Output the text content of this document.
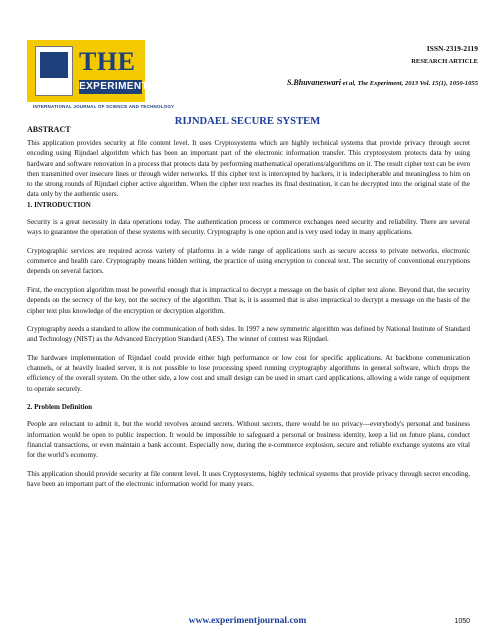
THE
EXPERIMENT
INTERNATIONAL JOURNAL OF SCIENCE AND TECHNOLOGY
ISSN-2319-2119
RESEARCH ARTICLE
S.Bhuvaneswari et al, The Experiment, 2013 Vol. 15(1), 1050-1055
RIJNDAEL SECURE SYSTEM
ABSTRACT

This application provides security at file content level. It uses Cryptosystems which are highly technical systems that provide privacy through secret encoding using Rijndael algorithm which has been an important part of the electronic information transfer. This cryptosystem protects data by using hardware and software renovation in a process that protects data by performing mathematical operations/algorithms on it. The result cipher text can be even then transmitted over insecure lines or through wider networks. If this cipher text is intercepted by hackers, it is indecipherable and meaningless to him on to the strong rounds of Rijndael cipher active algorithm. When the cipher text reaches its final destination, it can be decrypted into the original state of the data only by the authentic users.

1. INTRODUCTION

Security is a great necessity in data operations today. The authentication process or commerce exchanges need security and reliability. There are several ways to guarantee the operation of these systems with security. Cryptography is one option and is very used today in many applications.

Cryptographic services are required across variety of platforms in a wide range of applications such as secure access to private networks, electronic commerce and health care. Cryptography means hidden writing, the practice of using encryption to conceal text. The security of conventional encryptions depends on several factors.

First, the encryption algorithm must be powerful enough that is impractical to decrypt a message on the basis of cipher text alone. Beyond that, the security depends on the secrecy of the key, not the secrecy of the algorithm. That is, it is assumed that is also impractical to decrypt a message on the basis of the cipher text plus knowledge of the encryption or decryption algorithm.

Cryptography needs a standard to allow the communication of both sides. In 1997 a new symmetric algorithm was defined by National Institute of Standard and Technology (NIST) as the Advanced Encryption Standard (AES). The winner of contest was Rijndael.

The hardware implementation of Rijndael could provide either high performance or low cost for specific applications. At backbone communication channels, or at heavily loaded server, it is not possible to lose processing speed running cryptography algorithms in general software, which drops the efficiency of the overall system. On the other side, a low cost and small design can be used in smart card applications, allowing a wide range of equipment to operate securely.

2. Problem Definition

People are reluctant to admit it, but the world revolves around secrets. Without secrets, there would be no privacy—everybody's personal and business information would be open to public inspection. It would be impossible to safeguard a personal or business identity, keep a lid on future plans, conduct financial transactions, or even maintain a bank account. Especially now, during the e-commerce explosion, secure and reliable exchange systems are vital for the world’s economy.

This application should provide security at file content level. It uses Cryptosystems, highly technical systems that provide privacy through secret encoding, have been an important part of the electronic information world for many years.

www.experimentjournal.com	1050
